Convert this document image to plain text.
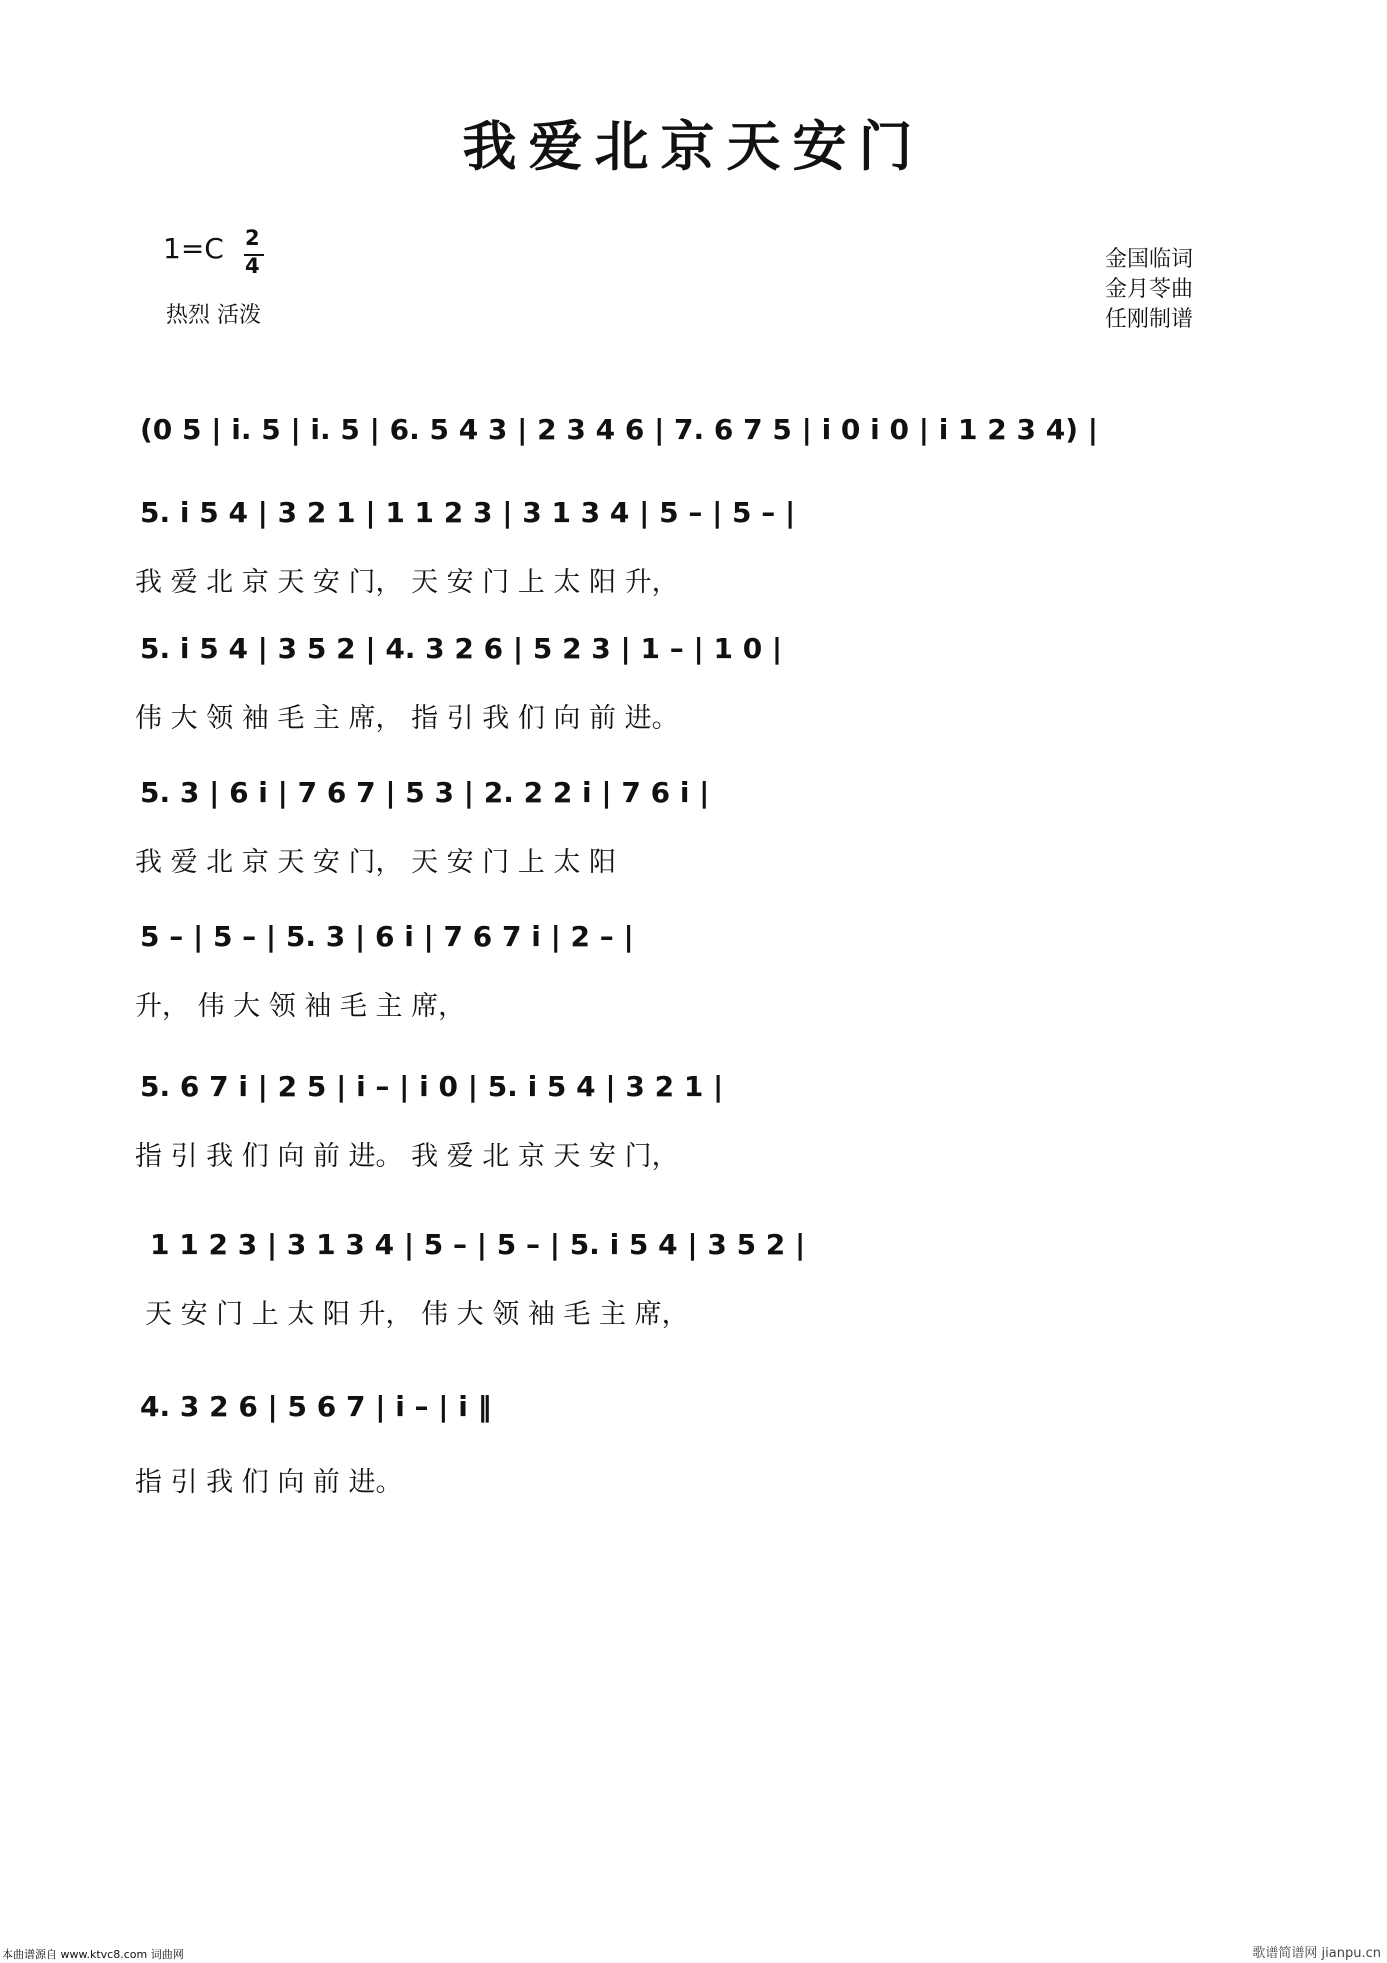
我爱北京天安门
1=C 2
4
热烈 活泼
金国临词
金月苓曲
任刚制谱
(0 5 | i. 5 | i. 5 | 6. 5 4 3 | 2 3 4 6 | 7. 6 7 5 | i 0 i 0 | i 1 2 3 4) |
5. i 5 4 | 3 2 1 | 1 1 2 3 | 3 1 3 4 | 5 – | 5 – |
我 爱 北 京 天 安 门， 天 安 门 上 太 阳 升，
5. i 5 4 | 3 5 2 | 4. 3 2 6 | 5 2 3 | 1 – | 1 0 |
伟 大 领 袖 毛 主 席， 指 引 我 们 向 前 进。
5. 3 | 6 i | 7 6 7 | 5 3 | 2. 2 2 i | 7 6 i |
我 爱 北 京 天 安 门， 天 安 门 上 太 阳
5 – | 5 – | 5. 3 | 6 i | 7 6 7 i | 2 – |
升， 伟 大 领 袖 毛 主 席，
5. 6 7 i | 2 5 | i – | i 0 | 5. i 5 4 | 3 2 1 |
指 引 我 们 向 前 进。 我 爱 北 京 天 安 门，
1 1 2 3 | 3 1 3 4 | 5 – | 5 – | 5. i 5 4 | 3 5 2 |
天 安 门 上 太 阳 升， 伟 大 领 袖 毛 主 席，
4. 3 2 6 | 5 6 7 | i – | i ‖
指 引 我 们 向 前 进。
本曲谱源自 www.ktvc8.com 词曲网	歌谱简谱网 jianpu.cn
